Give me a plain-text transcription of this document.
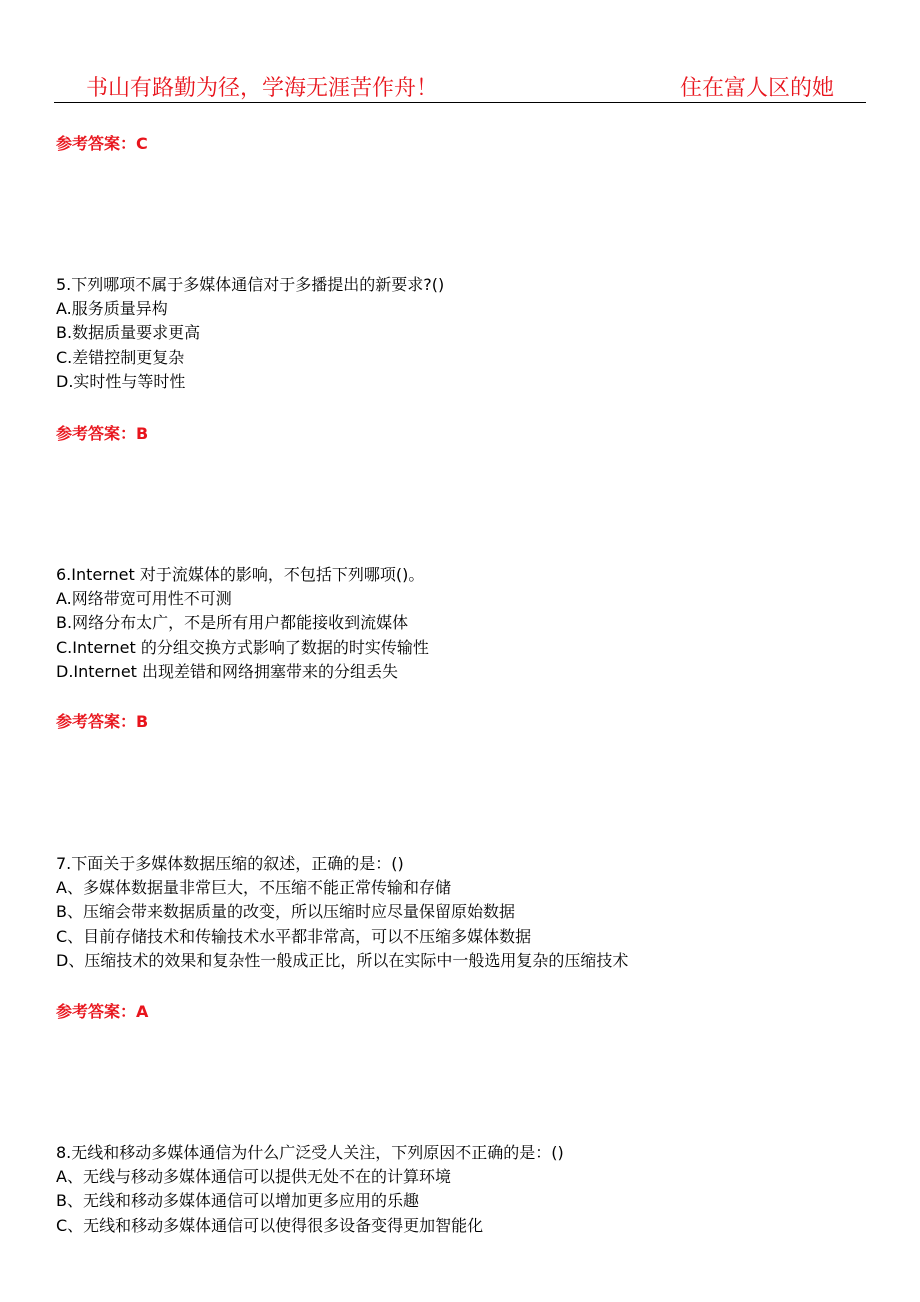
书山有路勤为径，学海无涯苦作舟！	住在富人区的她
参考答案：C
5.下列哪项不属于多媒体通信对于多播提出的新要求?()
A.服务质量异构
B.数据质量要求更高
C.差错控制更复杂
D.实时性与等时性
参考答案：B
6.Internet 对于流媒体的影响，不包括下列哪项()。
A.网络带宽可用性不可测
B.网络分布太广，不是所有用户都能接收到流媒体
C.Internet 的分组交换方式影响了数据的时实传输性
D.Internet 出现差错和网络拥塞带来的分组丢失
参考答案：B
7.下面关于多媒体数据压缩的叙述，正确的是：()
A、多媒体数据量非常巨大，不压缩不能正常传输和存储
B、压缩会带来数据质量的改变，所以压缩时应尽量保留原始数据
C、目前存储技术和传输技术水平都非常高，可以不压缩多媒体数据
D、压缩技术的效果和复杂性一般成正比，所以在实际中一般选用复杂的压缩技术
参考答案：A
8.无线和移动多媒体通信为什么广泛受人关注，下列原因不正确的是：()
A、无线与移动多媒体通信可以提供无处不在的计算环境
B、无线和移动多媒体通信可以增加更多应用的乐趣
C、无线和移动多媒体通信可以使得很多设备变得更加智能化
